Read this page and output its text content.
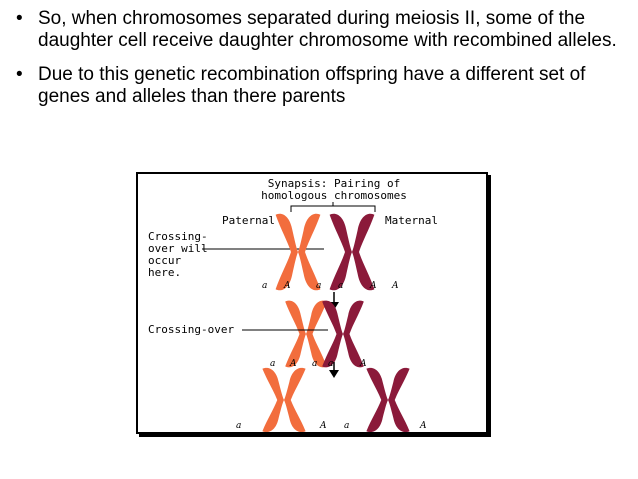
• So, when chromosomes separated during meiosis II, some of the daughter cell receive daughter chromosome with recombined alleles.
• Due to this genetic recombination offspring have a different set of genes and alleles than there parents
Synapsis: Pairing of
homologous chromosomes
Paternal	Maternal
Crossing-
over will
occur
here.
a A	a a	A A
Crossing-over
a A a a	A
a	A a	A
